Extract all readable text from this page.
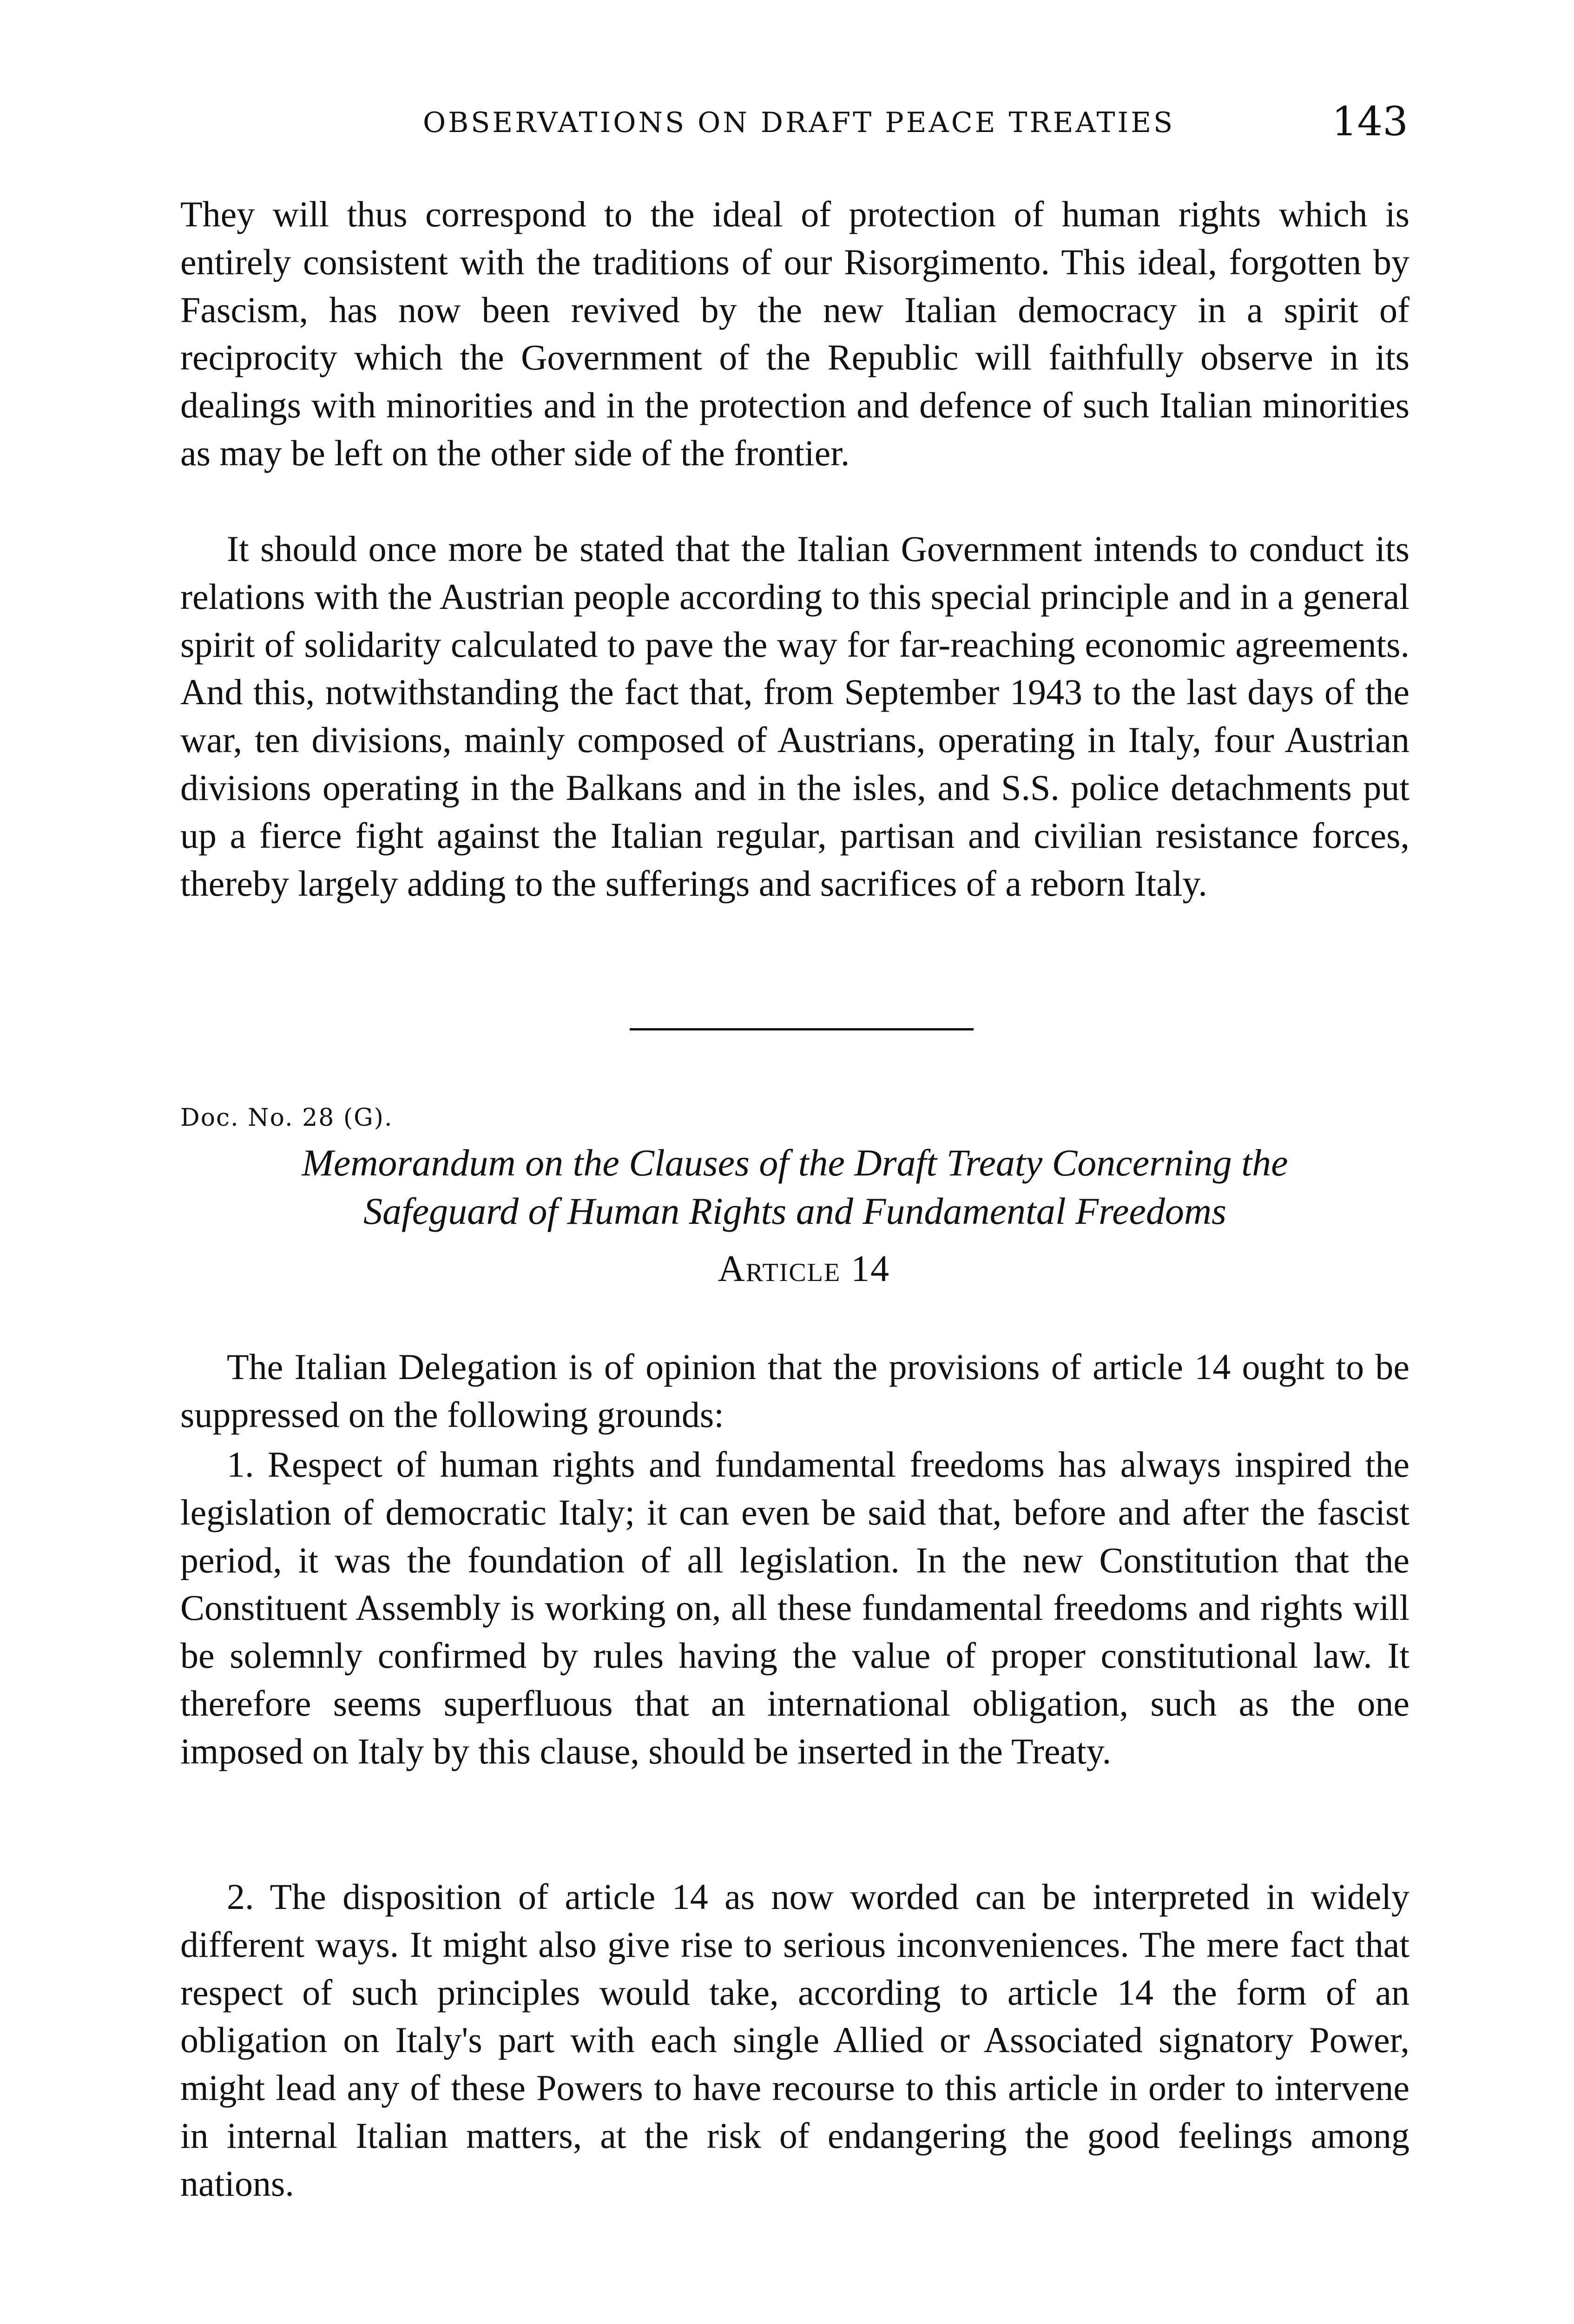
OBSERVATIONS ON DRAFT PEACE TREATIES	143

They will thus correspond to the ideal of protection of human rights which is entirely consistent with the traditions of our Risorgimento. This ideal, forgotten by Fascism, has now been revived by the new Italian democracy in a spirit of reciprocity which the Government of the Republic will faithfully observe in its dealings with minorities and in the protection and defence of such Italian minorities as may be left on the other side of the frontier.

It should once more be stated that the Italian Government intends to conduct its relations with the Austrian people according to this special principle and in a general spirit of solidarity calculated to pave the way for far-reaching economic agreements. And this, notwithstanding the fact that, from September 1943 to the last days of the war, ten divisions, mainly composed of Austrians, operating in Italy, four Austrian divisions operating in the Balkans and in the isles, and S.S. police detachments put up a fierce fight against the Italian regular, partisan and civilian resistance forces, thereby largely adding to the sufferings and sacrifices of a reborn Italy.

Doc. No. 28 (G).

Memorandum on the Clauses of the Draft Treaty Concerning the
Safeguard of Human Rights and Fundamental Freedoms

Article 14

The Italian Delegation is of opinion that the provisions of article 14 ought to be suppressed on the following grounds:

1. Respect of human rights and fundamental freedoms has always inspired the legislation of democratic Italy; it can even be said that, before and after the fascist period, it was the foundation of all legislation. In the new Constitution that the Constituent Assembly is working on, all these fundamental freedoms and rights will be solemnly confirmed by rules having the value of proper constitutional law. It therefore seems superfluous that an international obligation, such as the one imposed on Italy by this clause, should be inserted in the Treaty.

2. The disposition of article 14 as now worded can be interpreted in widely different ways. It might also give rise to serious inconveniences. The mere fact that respect of such principles would take, according to article 14 the form of an obligation on Italy's part with each single Allied or Associated signatory Power, might lead any of these Powers to have recourse to this article in order to intervene in internal Italian matters, at the risk of endangering the good feelings among nations.
